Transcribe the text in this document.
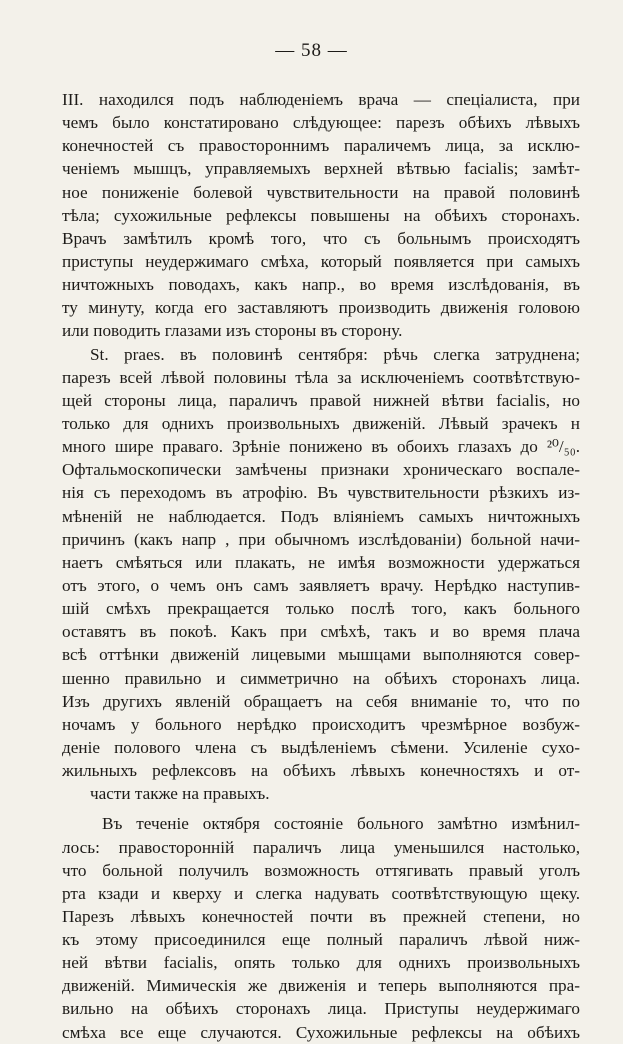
— 58 —
III. находился подъ наблюденіемъ врача — спеціалиста, при
чемъ было констатировано слѣдующее: парезъ обѣихъ лѣвыхъ
конечностей съ правостороннимъ параличемъ лица, за исклю-
ченіемъ мышцъ, управляемыхъ верхней вѣтвью facialis; замѣт-
ное пониженіе болевой чувствительности на правой половинѣ
тѣла; сухожильные рефлексы повышены на обѣихъ сторонахъ.
Врачъ замѣтилъ кромѣ того, что съ больнымъ происходятъ
приступы неудержимаго смѣха, который появляется при самыхъ
ничтожныхъ поводахъ, какъ напр., во время изслѣдованія, въ
ту минуту, когда его заставляютъ производить движенія головою
или поводить глазами изъ стороны въ сторону.
St. praes. въ половинѣ сентября: рѣчь слегка затруднена;
парезъ всей лѣвой половины тѣла за исключеніемъ соотвѣтствую-
щей стороны лица, параличъ правой нижней вѣтви facialis, но
только для однихъ произвольныхъ движеній. Лѣвый зрачекъ н
много шире праваго. Зрѣніе понижено въ обоихъ глазахъ до ²⁰/₅₀.
Офтальмоскопически замѣчены признаки хроническаго воспале-
нія съ переходомъ въ атрофію. Въ чувствительности рѣзкихъ из-
мѣненій не наблюдается. Подъ вліяніемъ самыхъ ничтожныхъ
причинъ (какъ напр , при обычномъ изслѣдованіи) больной начи-
наетъ смѣяться или плакать, не имѣя возможности удержаться
отъ этого, о чемъ онъ самъ заявляетъ врачу. Нерѣдко наступив-
шій смѣхъ прекращается только послѣ того, какъ больного
оставятъ въ покоѣ. Какъ при смѣхѣ, такъ и во время плача
всѣ оттѣнки движеній лицевыми мышцами выполняются совер-
шенно правильно и симметрично на обѣихъ сторонахъ лица.
Изъ другихъ явленій обращаетъ на себя вниманіе то, что по
ночамъ у больного нерѣдко происходитъ чрезмѣрное возбуж-
деніе полового члена съ выдѣленіемъ сѣмени. Усиленіе сухо-
жильныхъ рефлексовъ на обѣихъ лѣвыхъ конечностяхъ и от-
части также на правыхъ.
Въ теченіе октября состояніе больного замѣтно измѣнил-
лось: правосторонній параличъ лица уменьшился настолько,
что больной получилъ возможность оттягивать правый уголъ
рта кзади и кверху и слегка надувать соотвѣтствующую щеку.
Парезъ лѣвыхъ конечностей почти въ прежней степени, но
къ этому присоединился еще полный параличъ лѣвой ниж-
ней вѣтви facialis, опять только для однихъ произвольныхъ
движеній. Мимическія же движенія и теперь выполняются пра-
вильно на обѣихъ сторонахъ лица. Приступы неудержимаго
смѣха все еще случаются. Сухожильные рефлексы на обѣихъ
